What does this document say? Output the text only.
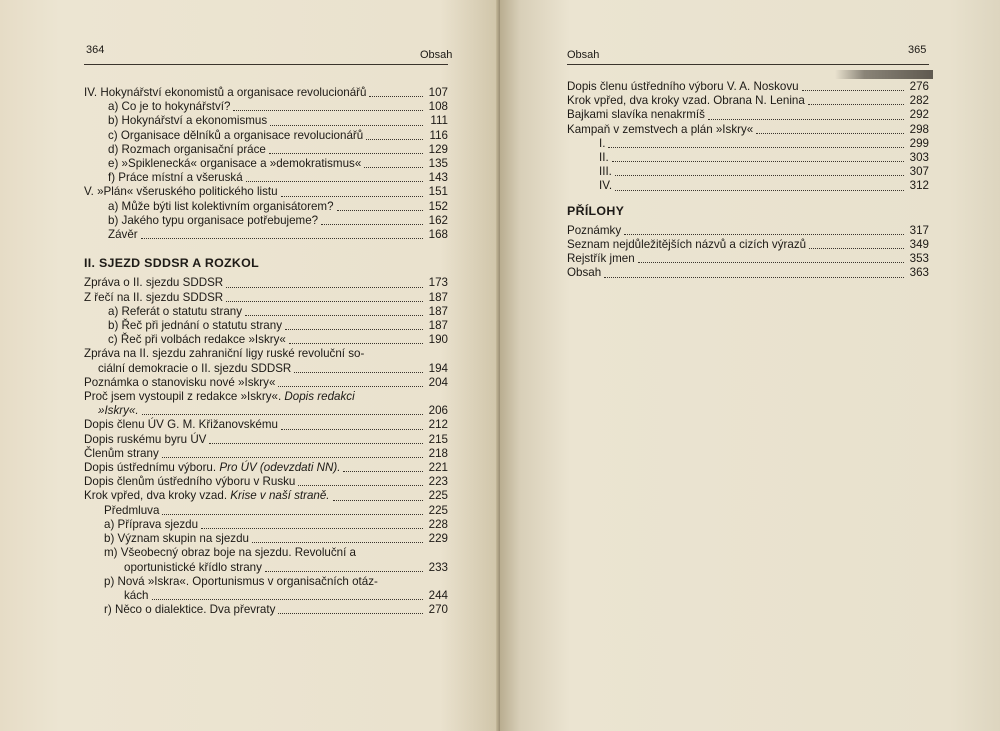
364	Obsah
IV. Hokynářství ekonomistů a organisace revolucionářů	107
a) Co je to hokynářství?	108
b) Hokynářství a ekonomismus	111
c) Organisace dělníků a organisace revolucionářů	116
d) Rozmach organisační práce	129
e) »Spiklenecká« organisace a »demokratismus«	135
f) Práce místní a všeruská	143
V. »Plán« všeruského politického listu	151
a) Může býti list kolektivním organisátorem?	152
b) Jakého typu organisace potřebujeme?	162
Závěr	168
II. SJEZD SDDSR A ROZKOL
Zpráva o II. sjezdu SDDSR	173
Z řečí na II. sjezdu SDDSR	187
a) Referát o statutu strany	187
b) Řeč při jednání o statutu strany	187
c) Řeč při volbách redakce »Iskry«	190
Zpráva na II. sjezdu zahraniční ligy ruské revoluční so-
ciální demokracie o II. sjezdu SDDSR	194
Poznámka o stanovisku nové »Iskry«	204
Proč jsem vystoupil z redakce »Iskry«. Dopis redakci
»Iskry«.	206
Dopis členu ÚV G. M. Křižanovskému	212
Dopis ruskému byru ÚV	215
Členům strany	218
Dopis ústřednímu výboru. Pro ÚV (odevzdati NN).	221
Dopis členům ústředního výboru v Rusku	223
Krok vpřed, dva kroky vzad. Krise v naší straně.	225
Předmluva	225
a) Příprava sjezdu	228
b) Význam skupin na sjezdu	229
m) Všeobecný obraz boje na sjezdu. Revoluční a
oportunistické křídlo strany	233
p) Nová »Iskra«. Oportunismus v organisačních otáz-
kách	244
r) Něco o dialektice. Dva převraty	270
Obsah	365
Dopis členu ústředního výboru V. A. Noskovu	276
Krok vpřed, dva kroky vzad. Obrana N. Lenina	282
Bajkami slavíka nenakrmíš	292
Kampaň v zemstvech a plán »Iskry«	298
I.	299
II.	303
III.	307
IV.	312
PŘÍLOHY
Poznámky	317
Seznam nejdůležitějších názvů a cizích výrazů	349
Rejstřík jmen	353
Obsah	363
